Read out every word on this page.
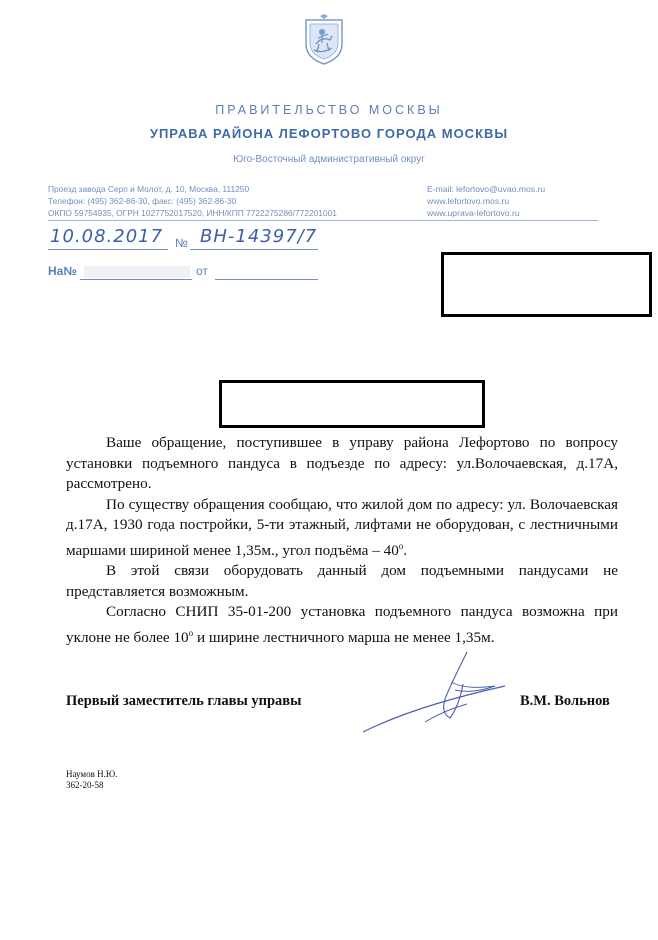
ПРАВИТЕЛЬСТВО МОСКВЫ
УПРАВА РАЙОНА ЛЕФОРТОВО ГОРОДА МОСКВЫ
Юго-Восточный административный округ
Проезд завода Серп и Молот, д. 10, Москва, 111250
Телефон: (495) 362-86-30, факс: (495) 362-86-30
ОКПО 59754935, ОГРН 1027752017520, ИНН/КПП 7722275286/772201001
E-mail: lefortovo@uvao.mos.ru
www.lefortovo.mos.ru
www.uprava-lefortovo.ru
10.08.2017 № ВН-14397/7
На№	от

Ваше обращение, поступившее в управу района Лефортово по вопросу установки подъемного пандуса в подъезде по адресу: ул.Волочаевская, д.17А, рассмотрено.

По существу обращения сообщаю, что жилой дом по адресу: ул. Волочаевская д.17А, 1930 года постройки, 5-ти этажный, лифтами не оборудован, с лестничными маршами шириной менее 1,35м., угол подъёма – $40^о$.

В этой связи оборудовать данный дом подъемными пандусами не представляется возможным.

Согласно СНИП 35-01-200 установка подъемного пандуса возможна при уклоне не более $10^о$ и ширине лестничного марша не менее 1,35м.

Первый заместитель главы управы	В.М. Вольнов
Наумов Н.Ю.
362-20-58
